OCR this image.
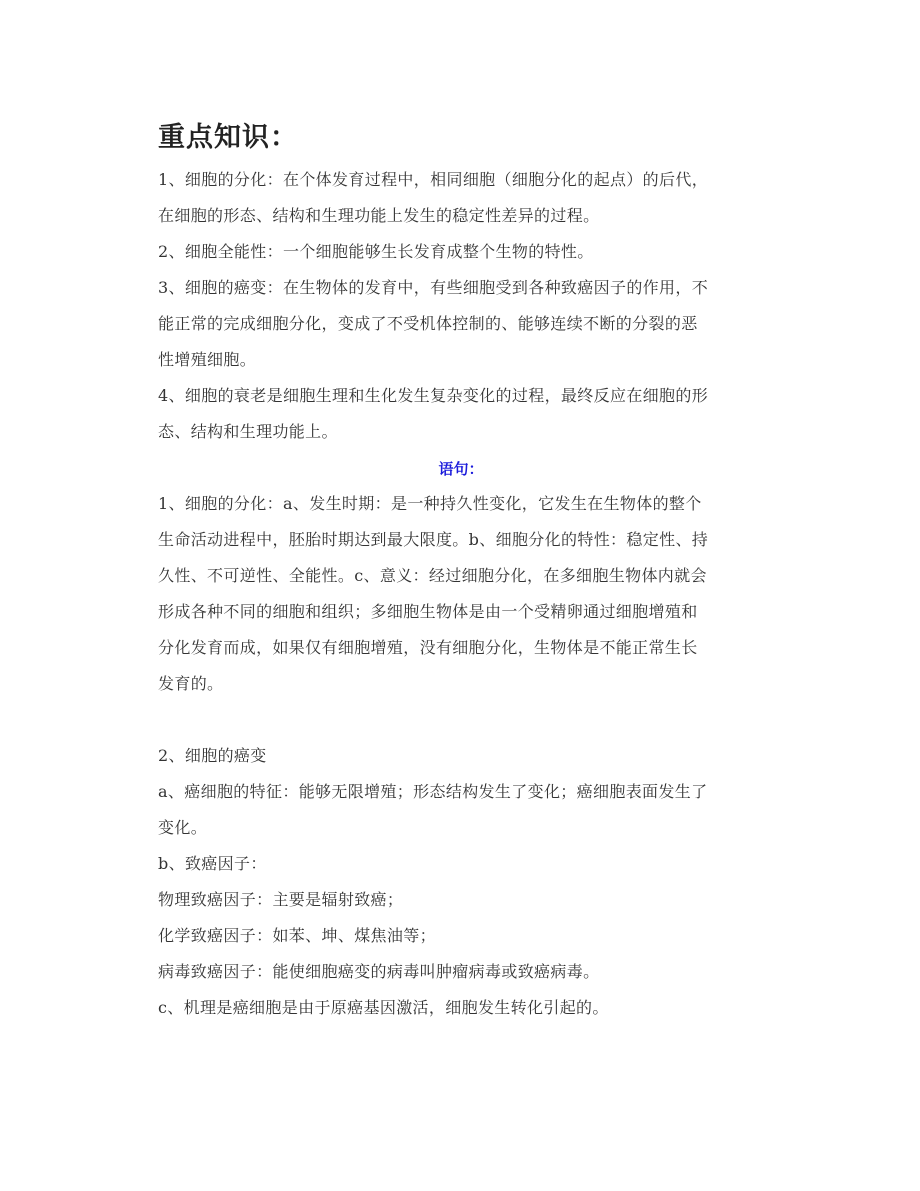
重点知识：
1、细胞的分化：在个体发育过程中，相同细胞（细胞分化的起点）的后代，
在细胞的形态、结构和生理功能上发生的稳定性差异的过程。
2、细胞全能性：一个细胞能够生长发育成整个生物的特性。
3、细胞的癌变：在生物体的发育中，有些细胞受到各种致癌因子的作用，不
能正常的完成细胞分化，变成了不受机体控制的、能够连续不断的分裂的恶
性增殖细胞。
4、细胞的衰老是细胞生理和生化发生复杂变化的过程，最终反应在细胞的形
态、结构和生理功能上。
语句：
1、细胞的分化：a、发生时期：是一种持久性变化，它发生在生物体的整个
生命活动进程中，胚胎时期达到最大限度。b、细胞分化的特性：稳定性、持
久性、不可逆性、全能性。c、意义：经过细胞分化，在多细胞生物体内就会
形成各种不同的细胞和组织；多细胞生物体是由一个受精卵通过细胞增殖和
分化发育而成，如果仅有细胞增殖，没有细胞分化，生物体是不能正常生长
发育的。
2、细胞的癌变
a、癌细胞的特征：能够无限增殖；形态结构发生了变化；癌细胞表面发生了
变化。
b、致癌因子：
物理致癌因子：主要是辐射致癌；
化学致癌因子：如苯、坤、煤焦油等；
病毒致癌因子：能使细胞癌变的病毒叫肿瘤病毒或致癌病毒。
c、机理是癌细胞是由于原癌基因激活，细胞发生转化引起的。
